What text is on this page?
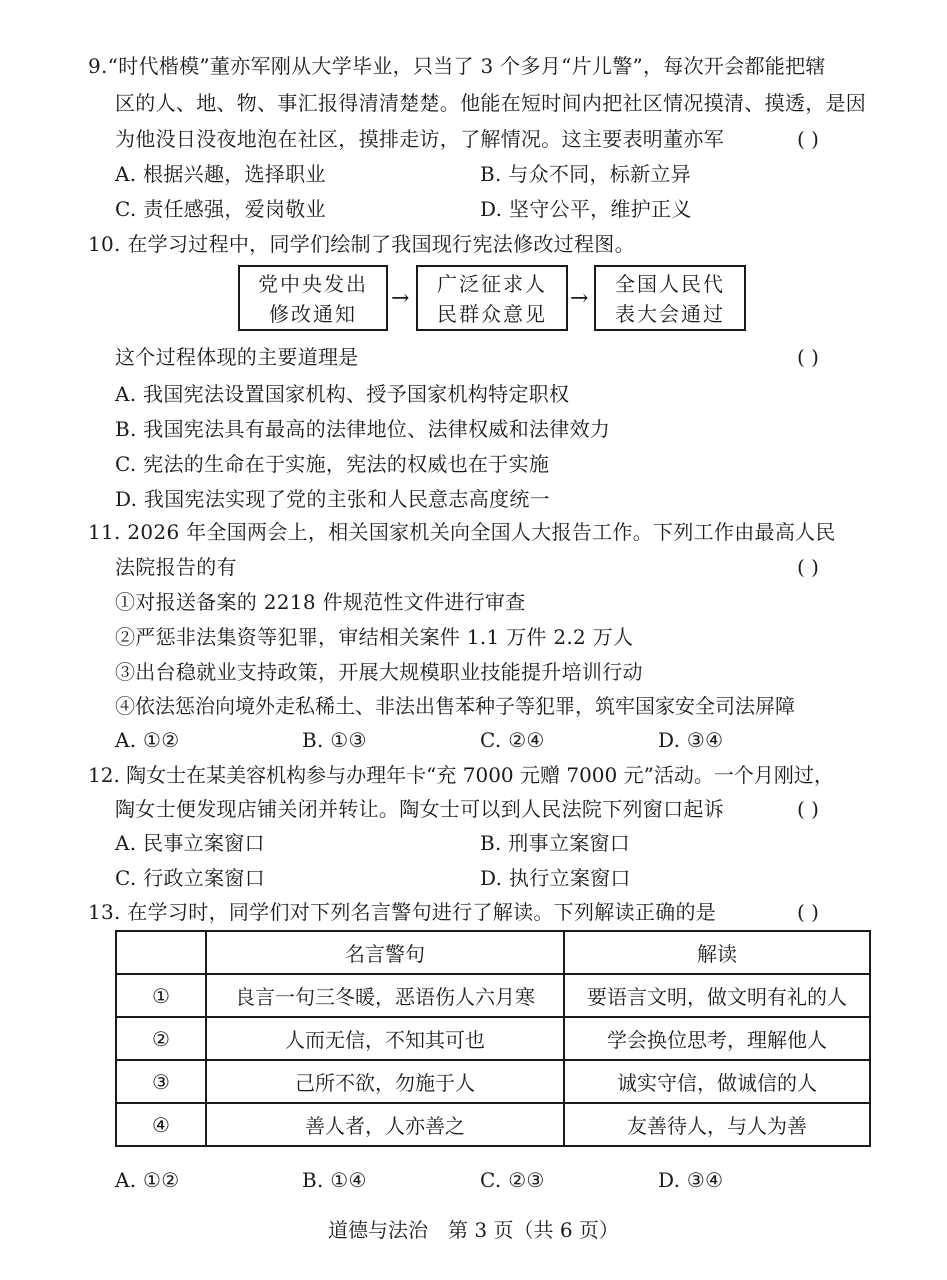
9.“时代楷模”董亦军刚从大学毕业，只当了 3 个多月“片儿警”，每次开会都能把辖
区的人、地、物、事汇报得清清楚楚。他能在短时间内把社区情况摸清、摸透，是因
为他没日没夜地泡在社区，摸排走访，了解情况。这主要表明董亦军	( )
A. 根据兴趣，选择职业	B. 与众不同，标新立异
C. 责任感强，爱岗敬业	D. 坚守公平，维护正义
10. 在学习过程中，同学们绘制了我国现行宪法修改过程图。
党中央发出
修改通知
→
广泛征求人
民群众意见
→
全国人民代
表大会通过
这个过程体现的主要道理是	( )
A. 我国宪法设置国家机构、授予国家机构特定职权
B. 我国宪法具有最高的法律地位、法律权威和法律效力
C. 宪法的生命在于实施，宪法的权威也在于实施
D. 我国宪法实现了党的主张和人民意志高度统一
11. 2026 年全国两会上，相关国家机关向全国人大报告工作。下列工作由最高人民
法院报告的有	( )
①对报送备案的 2218 件规范性文件进行审查
②严惩非法集资等犯罪，审结相关案件 1.1 万件 2.2 万人
③出台稳就业支持政策，开展大规模职业技能提升培训行动
④依法惩治向境外走私稀土、非法出售苯种子等犯罪，筑牢国家安全司法屏障
A. ①②	B. ①③	C. ②④	D. ③④
12. 陶女士在某美容机构参与办理年卡“充 7000 元赠 7000 元”活动。一个月刚过，
陶女士便发现店铺关闭并转让。陶女士可以到人民法院下列窗口起诉	( )
A. 民事立案窗口	B. 刑事立案窗口
C. 行政立案窗口	D. 执行立案窗口
13. 在学习时，同学们对下列名言警句进行了解读。下列解读正确的是	( )
	名言警句	解读
①	良言一句三冬暖，恶语伤人六月寒	要语言文明，做文明有礼的人
②	人而无信，不知其可也	学会换位思考，理解他人
③	己所不欲，勿施于人	诚实守信，做诚信的人
④	善人者，人亦善之	友善待人，与人为善
A. ①②	B. ①④	C. ②③	D. ③④
道德与法治　第 3 页（共 6 页）
